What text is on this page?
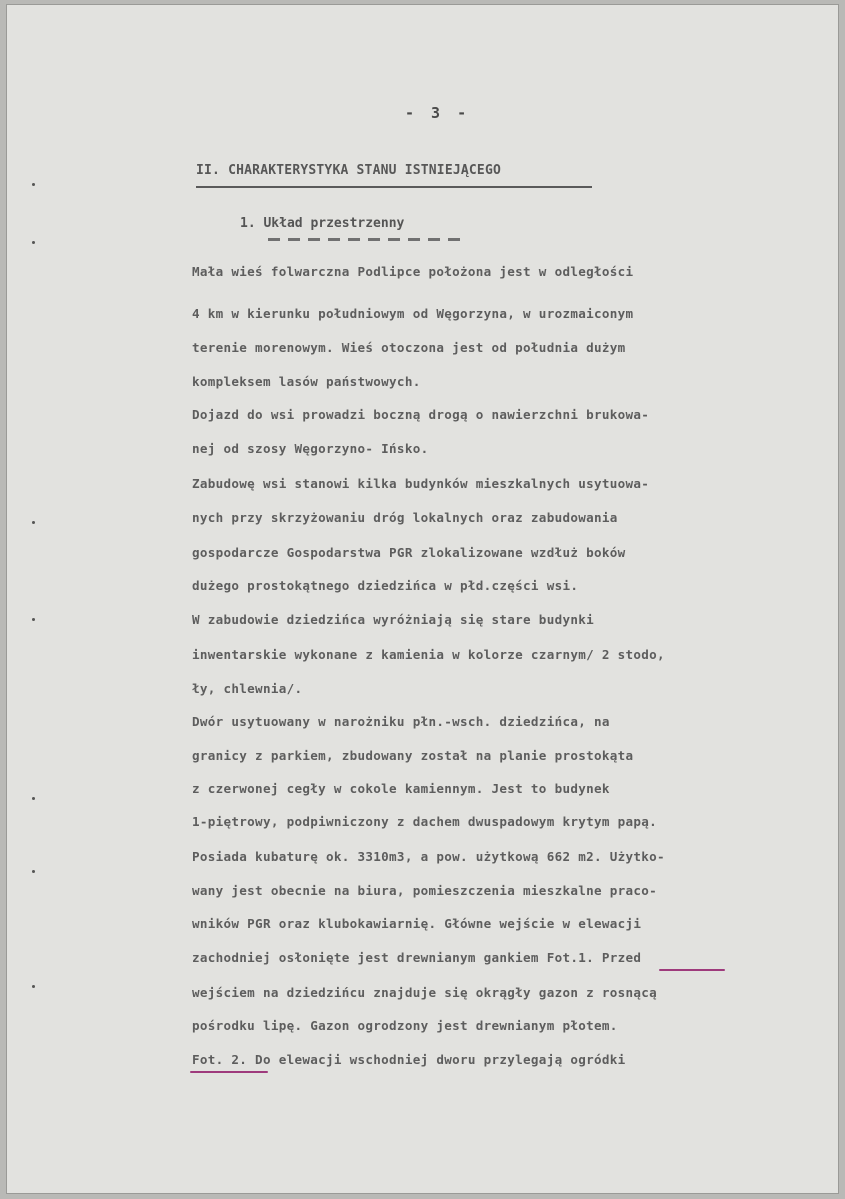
- 3 -
II. CHARAKTERYSTYKA STANU ISTNIEJĄCEGO
1. Układ przestrzenny
Mała wieś folwarczna Podlipce położona jest w odległości
4 km w kierunku południowym od Węgorzyna, w urozmaiconym
terenie morenowym. Wieś otoczona jest od południa dużym
kompleksem lasów państwowych.
Dojazd do wsi prowadzi boczną drogą o nawierzchni brukowa-
nej od szosy Węgorzyno- Ińsko.
Zabudowę wsi stanowi kilka budynków mieszkalnych usytuowa-
nych przy skrzyżowaniu dróg lokalnych oraz zabudowania
gospodarcze Gospodarstwa PGR zlokalizowane wzdłuż boków
dużego prostokątnego dziedzińca w płd.części wsi.
W zabudowie dziedzińca wyróżniają się stare budynki
inwentarskie wykonane z kamienia w kolorze czarnym/ 2 stodo,
ły, chlewnia/.
Dwór usytuowany w narożniku płn.-wsch. dziedzińca, na
granicy z parkiem, zbudowany został na planie prostokąta
z czerwonej cegły w cokole kamiennym. Jest to budynek
1-piętrowy, podpiwniczony z dachem dwuspadowym krytym papą.
Posiada kubaturę ok. 3310m3, a pow. użytkową 662 m2. Użytko-
wany jest obecnie na biura, pomieszczenia mieszkalne praco-
wników PGR oraz klubokawiarnię. Główne wejście w elewacji
zachodniej osłonięte jest drewnianym gankiem Fot.1. Przed
wejściem na dziedzińcu znajduje się okrągły gazon z rosnącą
pośrodku lipę. Gazon ogrodzony jest drewnianym płotem.
Fot. 2. Do elewacji wschodniej dworu przylegają ogródki
